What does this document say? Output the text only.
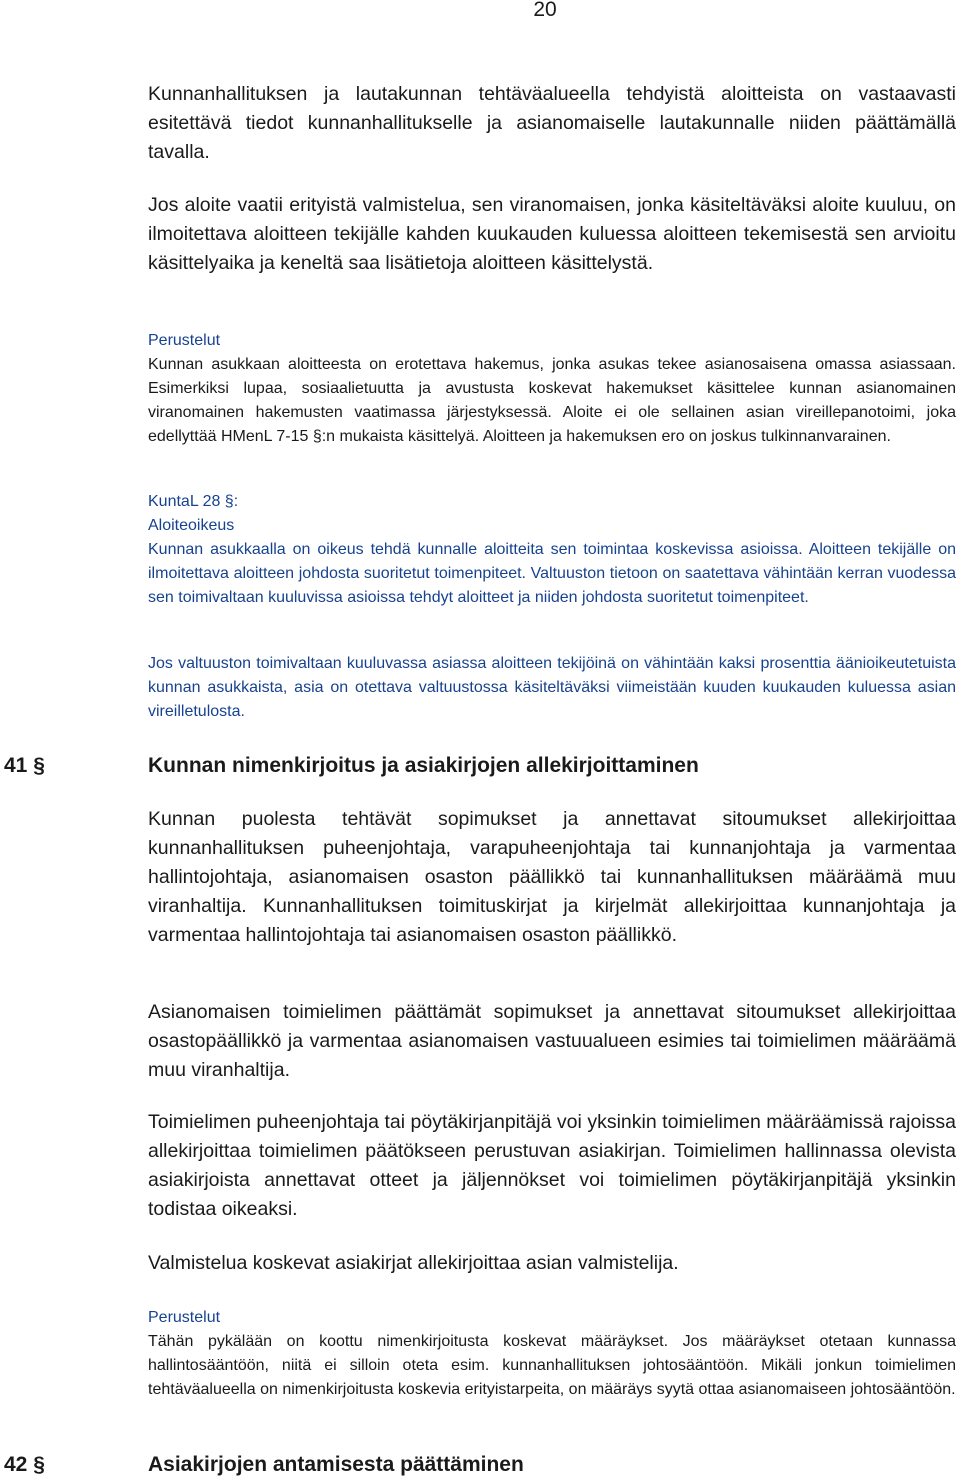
20

Kunnanhallituksen ja lautakunnan tehtäväalueella tehdyistä aloitteista on vastaavasti esitettävä tiedot kunnanhallitukselle ja asianomaiselle lautakunnalle niiden päättämällä tavalla.

Jos aloite vaatii erityistä valmistelua, sen viranomaisen, jonka käsiteltäväksi aloite kuuluu, on ilmoitettava aloitteen tekijälle kahden kuukauden kuluessa aloitteen tekemisestä sen arvioitu käsittelyaika ja keneltä saa lisätietoja aloitteen käsittelystä.

Perustelut

Kunnan asukkaan aloitteesta on erotettava hakemus, jonka asukas tekee asianosaisena omassa asiassaan. Esimerkiksi lupaa, sosiaalietuutta ja avustusta koskevat hakemukset käsittelee kunnan asianomainen viranomainen hakemusten vaatimassa järjestyksessä. Aloite ei ole sellainen asian vireillepanotoimi, joka edellyttää HMenL 7-15 §:n mukaista käsittelyä. Aloitteen ja hakemuksen ero on joskus tulkinnanvarainen.

KuntaL 28 §:
Aloiteoikeus

Kunnan asukkaalla on oikeus tehdä kunnalle aloitteita sen toimintaa koskevissa asioissa. Aloitteen tekijälle on ilmoitettava aloitteen johdosta suoritetut toimenpiteet. Valtuuston tietoon on saatettava vähintään kerran vuodessa sen toimivaltaan kuuluvissa asioissa tehdyt aloitteet ja niiden johdosta suoritetut toimenpiteet.

Jos valtuuston toimivaltaan kuuluvassa asiassa aloitteen tekijöinä on vähintään kaksi prosenttia äänioikeutetuista kunnan asukkaista, asia on otettava valtuustossa käsiteltäväksi viimeistään kuuden kuukauden kuluessa asian vireilletulosta.

41 §	Kunnan nimenkirjoitus ja asiakirjojen allekirjoittaminen

Kunnan puolesta tehtävät sopimukset ja annettavat sitoumukset allekirjoittaa kunnanhallituksen puheenjohtaja, varapuheenjohtaja tai kunnanjohtaja ja varmentaa hallintojohtaja, asianomaisen osaston päällikkö tai kunnanhallituksen määräämä muu viranhaltija. Kunnanhallituksen toimituskirjat ja kirjelmät allekirjoittaa kunnanjohtaja ja varmentaa hallintojohtaja tai asianomaisen osaston päällikkö.

Asianomaisen toimielimen päättämät sopimukset ja annettavat sitoumukset allekirjoittaa osastopäällikkö ja varmentaa asianomaisen vastuualueen esimies tai toimielimen määräämä muu viranhaltija.

Toimielimen puheenjohtaja tai pöytäkirjanpitäjä voi yksinkin toimielimen määräämissä rajoissa allekirjoittaa toimielimen päätökseen perustuvan asiakirjan. Toimielimen hallinnassa olevista asiakirjoista annettavat otteet ja jäljennökset voi toimielimen pöytäkirjanpitäjä yksinkin todistaa oikeaksi.

Valmistelua koskevat asiakirjat allekirjoittaa asian valmistelija.

Perustelut

Tähän pykälään on koottu nimenkirjoitusta koskevat määräykset. Jos määräykset otetaan kunnassa hallintosääntöön, niitä ei silloin oteta esim. kunnanhallituksen johtosääntöön. Mikäli jonkun toimielimen tehtäväalueella on nimenkirjoitusta koskevia erityistarpeita, on määräys syytä ottaa asianomaiseen johtosääntöön.

42 §	Asiakirjojen antamisesta päättäminen
